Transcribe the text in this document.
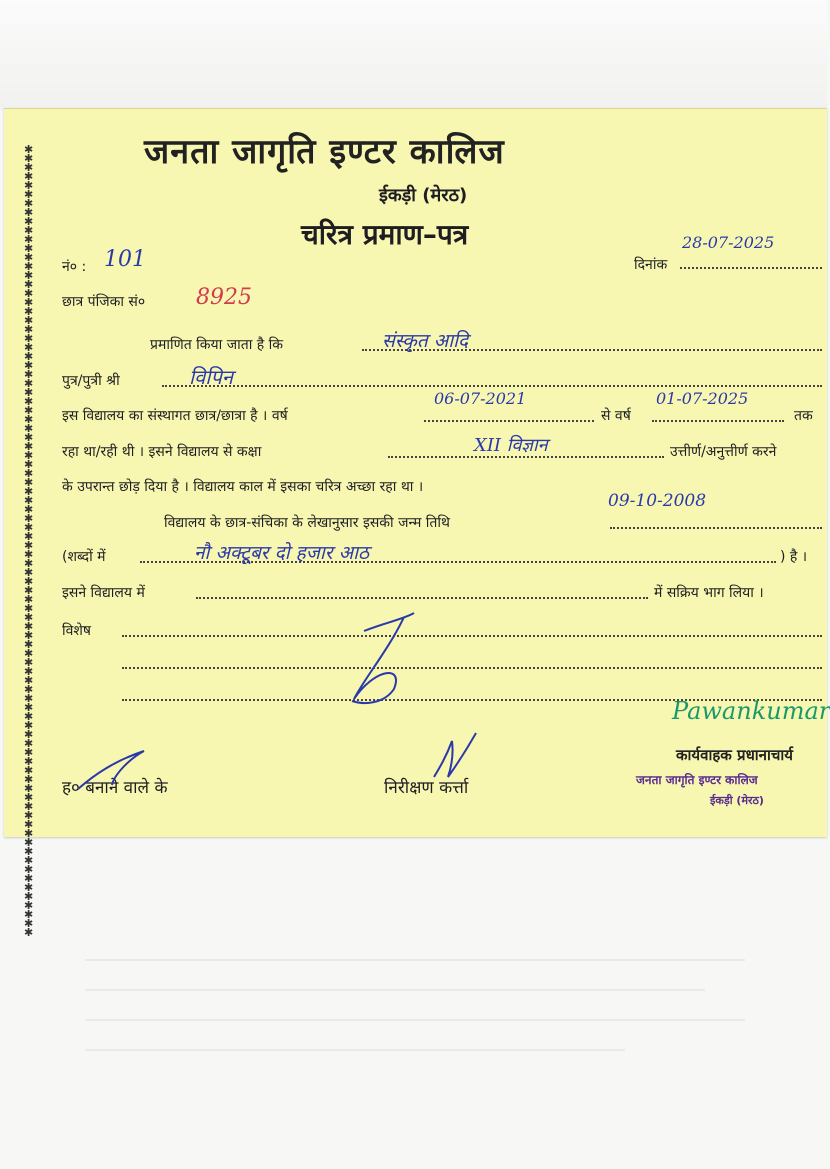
✱✱✱✱✱✱✱✱✱✱✱✱✱✱✱✱✱✱✱✱✱✱✱✱✱✱✱✱✱✱✱✱✱✱✱✱✱✱✱✱✱✱✱✱✱✱✱✱✱✱✱✱✱✱✱✱✱✱✱✱✱✱✱✱✱✱✱✱✱✱✱✱✱✱✱✱✱✱✱✱✱✱✱✱✱✱✱✱
जनता जागृति इण्टर कालिज
ईकड़ी (मेरठ)
चरित्र प्रमाण–पत्र
नं० : 101	दिनांक
28-07-2025
छात्र पंजिका सं० 8925
प्रमाणित किया जाता है कि	संस्कृत आदि
पुत्र/पुत्री श्री	विपिन
इस विद्यालय का संस्थागत छात्र/छात्रा है । वर्ष
06-07-2021
से वर्ष
01-07-2025
तक
रहा था/रही थी । इसने विद्यालय से कक्षा	XII विज्ञान	उत्तीर्ण/अनुत्तीर्ण करने
के उपरान्त छोड़ दिया है । विद्यालय काल में इसका चरित्र अच्छा रहा था ।
विद्यालय के छात्र-संचिका के लेखानुसार इसकी जन्म तिथि
09-10-2008
(शब्दों में	नौ अक्टूबर दो हजार आठ	) है ।
इसने विद्यालय में	में सक्रिय भाग लिया ।
विशेष
Pawankumar
कार्यवाहक प्रधानाचार्य
जनता जागृति इण्टर कालिज
ईकड़ी (मेरठ)
ह० बनाने वाले के	निरीक्षण कर्त्ता
